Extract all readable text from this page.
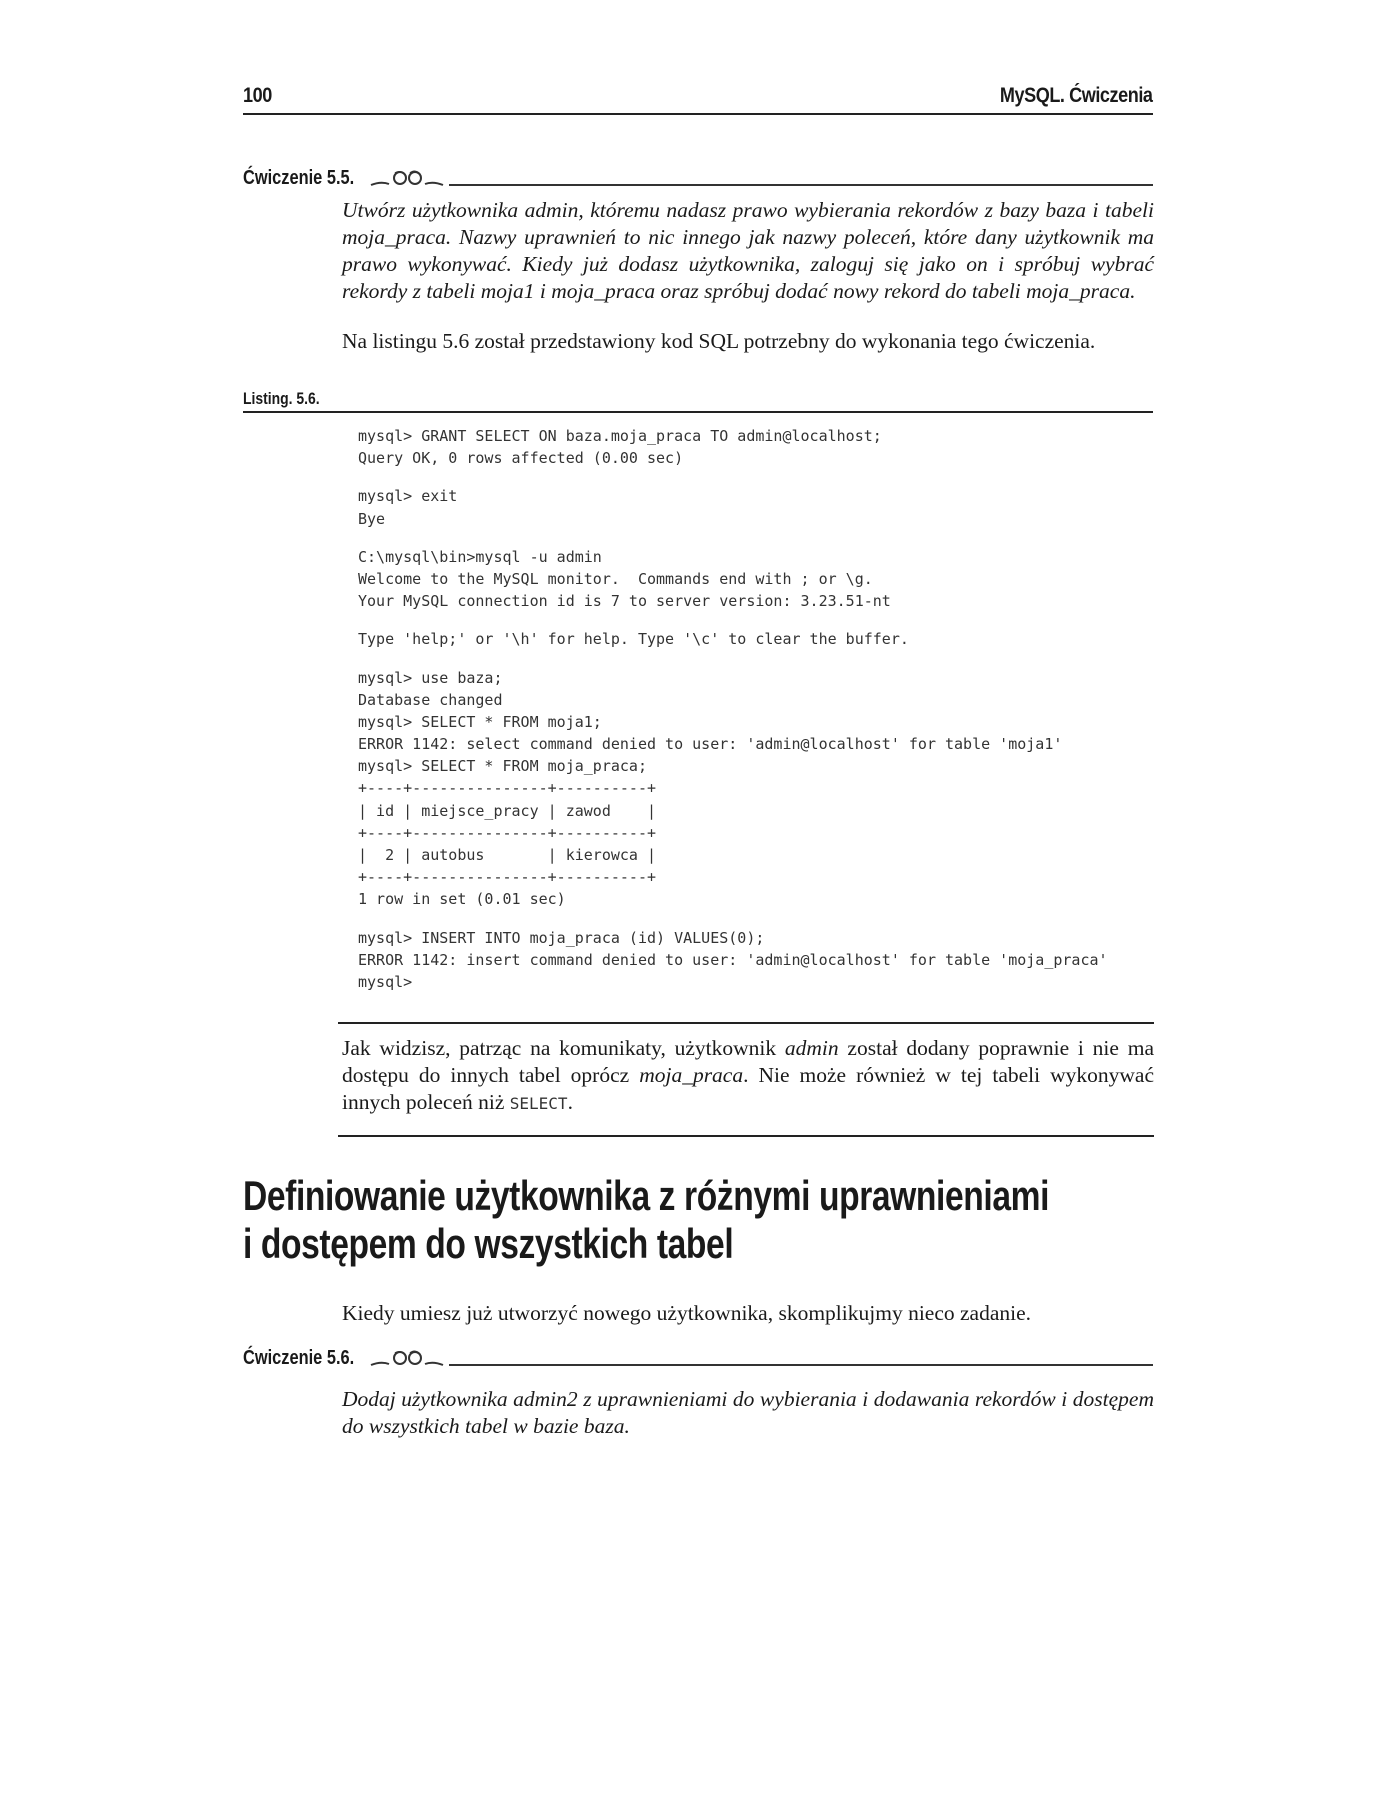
100	MySQL. Ćwiczenia
Ćwiczenie 5.5.

Utwórz użytkownika admin, któremu nadasz prawo wybierania rekordów z bazy baza i tabeli moja_praca. Nazwy uprawnień to nic innego jak nazwy poleceń, które dany użytkownik ma prawo wykonywać. Kiedy już dodasz użytkownika, zaloguj się jako on i spróbuj wybrać rekordy z tabeli moja1 i moja_praca oraz spróbuj dodać nowy rekord do tabeli moja_praca.

Na listingu 5.6 został przedstawiony kod SQL potrzebny do wykonania tego ćwiczenia.

Listing. 5.6.
mysql> GRANT SELECT ON baza.moja_praca TO admin@localhost;
Query OK, 0 rows affected (0.00 sec)
mysql> exit
Bye
C:\mysql\bin>mysql -u admin
Welcome to the MySQL monitor.  Commands end with ; or \g.
Your MySQL connection id is 7 to server version: 3.23.51-nt
Type 'help;' or '\h' for help. Type '\c' to clear the buffer.
mysql> use baza;
Database changed
mysql> SELECT * FROM moja1;
ERROR 1142: select command denied to user: 'admin@localhost' for table 'moja1'
mysql> SELECT * FROM moja_praca;
+----+---------------+----------+
| id | miejsce_pracy | zawod    |
+----+---------------+----------+
|  2 | autobus       | kierowca |
+----+---------------+----------+
1 row in set (0.01 sec)
mysql> INSERT INTO moja_praca (id) VALUES(0);
ERROR 1142: insert command denied to user: 'admin@localhost' for table 'moja_praca'
mysql>

Jak widzisz, patrząc na komunikaty, użytkownik admin został dodany poprawnie i nie ma dostępu do innych tabel oprócz moja_praca. Nie może również w tej tabeli wykonywać innych poleceń niż SELECT.

Definiowanie użytkownika z różnymi uprawnieniami
i dostępem do wszystkich tabel

Kiedy umiesz już utworzyć nowego użytkownika, skomplikujmy nieco zadanie.

Ćwiczenie 5.6.

Dodaj użytkownika admin2 z uprawnieniami do wybierania i dodawania rekordów i dostępem do wszystkich tabel w bazie baza.
